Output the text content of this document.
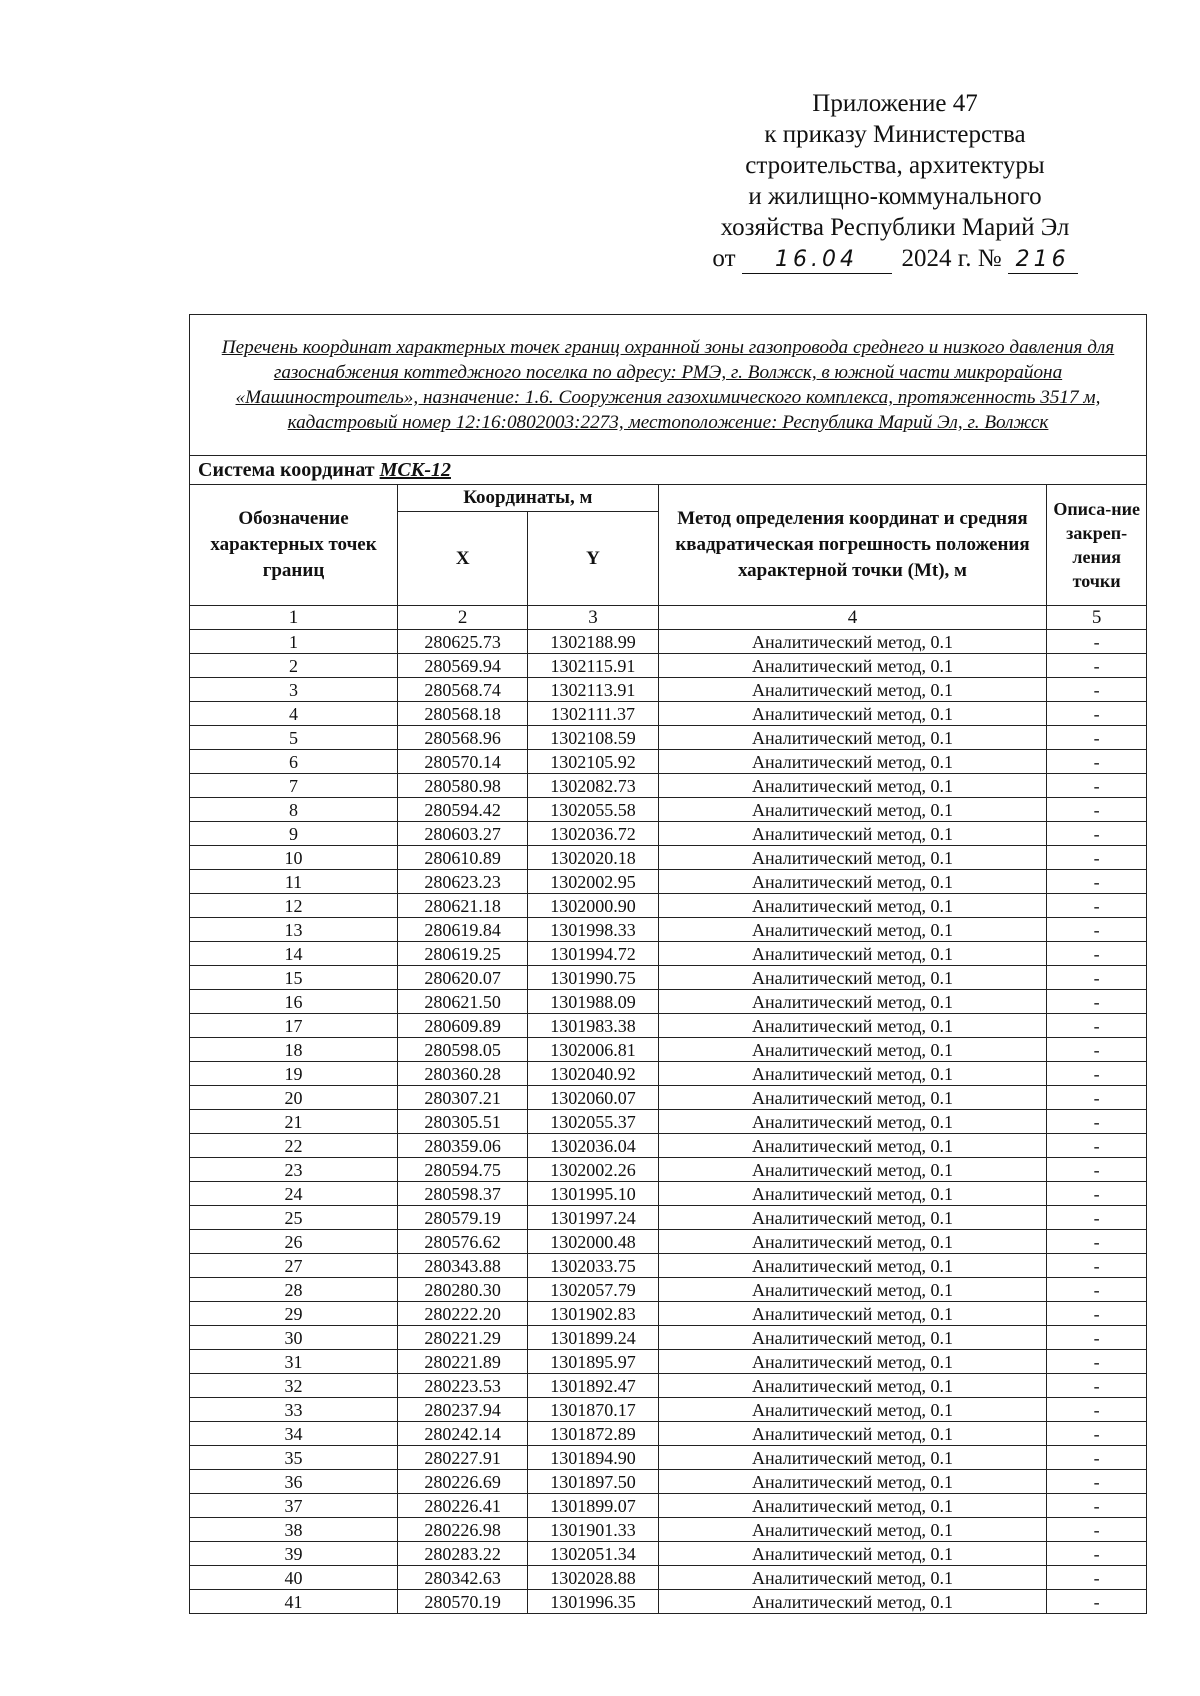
Приложение 47
к приказу Министерства
строительства, архитектуры
и жилищно-коммунального
хозяйства Республики Марий Эл
от 16.04 2024 г. № 216
Перечень координат характерных точек границ охранной зоны газопровода среднего и низкого давления для газоснабжения коттеджного поселка по адресу: РМЭ, г. Волжск, в южной части микрорайона «Машиностроитель», назначение: 1.6. Сооружения газохимического комплекса, протяженность 3517 м, кадастровый номер 12:16:0802003:2273, местоположение: Республика Марий Эл, г. Волжск				
Система координат МСК-12				
Обозначение характерных точек границ	Координаты, м		Метод определения координат и средняя квадратическая погрешность положения характерной точки (Mt), м	Описа-ние закреп-ления точки
	X	Y		
1	2	3	4	5
1	280625.73	1302188.99	Аналитический метод, 0.1	-
2	280569.94	1302115.91	Аналитический метод, 0.1	-
3	280568.74	1302113.91	Аналитический метод, 0.1	-
4	280568.18	1302111.37	Аналитический метод, 0.1	-
5	280568.96	1302108.59	Аналитический метод, 0.1	-
6	280570.14	1302105.92	Аналитический метод, 0.1	-
7	280580.98	1302082.73	Аналитический метод, 0.1	-
8	280594.42	1302055.58	Аналитический метод, 0.1	-
9	280603.27	1302036.72	Аналитический метод, 0.1	-
10	280610.89	1302020.18	Аналитический метод, 0.1	-
11	280623.23	1302002.95	Аналитический метод, 0.1	-
12	280621.18	1302000.90	Аналитический метод, 0.1	-
13	280619.84	1301998.33	Аналитический метод, 0.1	-
14	280619.25	1301994.72	Аналитический метод, 0.1	-
15	280620.07	1301990.75	Аналитический метод, 0.1	-
16	280621.50	1301988.09	Аналитический метод, 0.1	-
17	280609.89	1301983.38	Аналитический метод, 0.1	-
18	280598.05	1302006.81	Аналитический метод, 0.1	-
19	280360.28	1302040.92	Аналитический метод, 0.1	-
20	280307.21	1302060.07	Аналитический метод, 0.1	-
21	280305.51	1302055.37	Аналитический метод, 0.1	-
22	280359.06	1302036.04	Аналитический метод, 0.1	-
23	280594.75	1302002.26	Аналитический метод, 0.1	-
24	280598.37	1301995.10	Аналитический метод, 0.1	-
25	280579.19	1301997.24	Аналитический метод, 0.1	-
26	280576.62	1302000.48	Аналитический метод, 0.1	-
27	280343.88	1302033.75	Аналитический метод, 0.1	-
28	280280.30	1302057.79	Аналитический метод, 0.1	-
29	280222.20	1301902.83	Аналитический метод, 0.1	-
30	280221.29	1301899.24	Аналитический метод, 0.1	-
31	280221.89	1301895.97	Аналитический метод, 0.1	-
32	280223.53	1301892.47	Аналитический метод, 0.1	-
33	280237.94	1301870.17	Аналитический метод, 0.1	-
34	280242.14	1301872.89	Аналитический метод, 0.1	-
35	280227.91	1301894.90	Аналитический метод, 0.1	-
36	280226.69	1301897.50	Аналитический метод, 0.1	-
37	280226.41	1301899.07	Аналитический метод, 0.1	-
38	280226.98	1301901.33	Аналитический метод, 0.1	-
39	280283.22	1302051.34	Аналитический метод, 0.1	-
40	280342.63	1302028.88	Аналитический метод, 0.1	-
41	280570.19	1301996.35	Аналитический метод, 0.1	-
